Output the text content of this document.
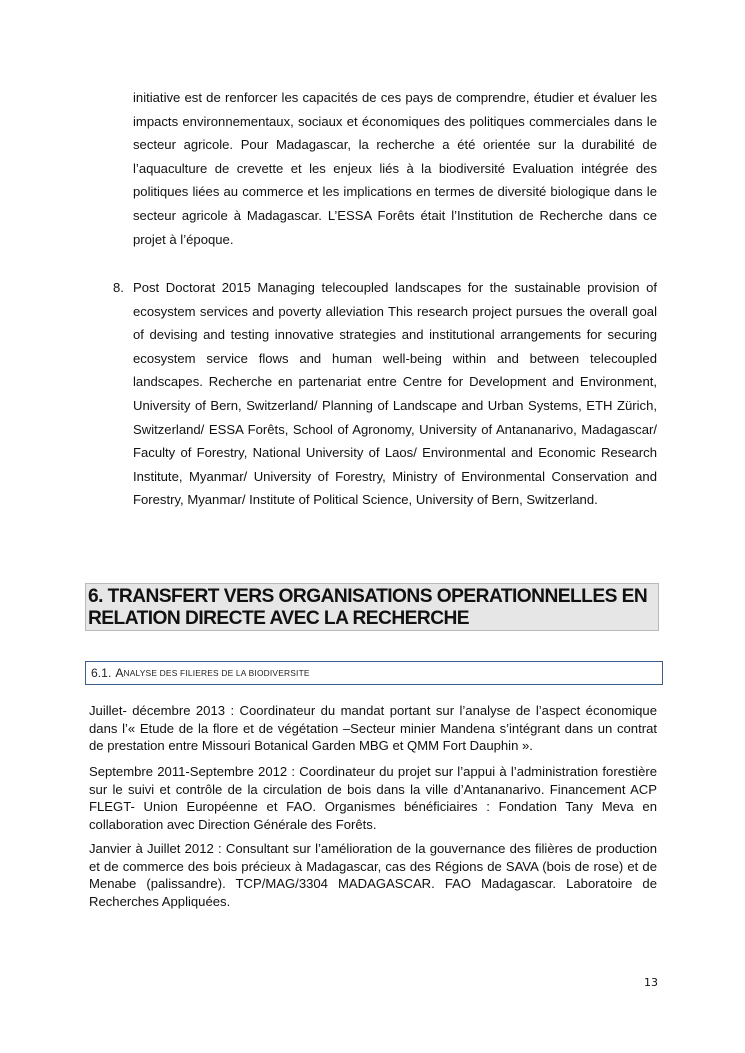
initiative est de renforcer les capacités de ces pays de comprendre, étudier et évaluer les impacts environnementaux, sociaux et économiques des politiques commerciales dans le secteur agricole. Pour Madagascar, la recherche a été orientée sur la durabilité de l’aquaculture de crevette et les enjeux liés à la biodiversité Evaluation intégrée des politiques liées au commerce et les implications en termes de diversité biologique dans le secteur agricole à Madagascar. L’ESSA Forêts était l’Institution de Recherche dans ce projet à l’époque.
8. Post Doctorat 2015 Managing telecoupled landscapes for the sustainable provision of ecosystem services and poverty alleviation This research project pursues the overall goal of devising and testing innovative strategies and institutional arrangements for securing ecosystem service flows and human well-being within and between telecoupled landscapes. Recherche en partenariat entre Centre for Development and Environment, University of Bern, Switzerland/ Planning of Landscape and Urban Systems, ETH Zürich, Switzerland/ ESSA Forêts, School of Agronomy, University of Antananarivo, Madagascar/ Faculty of Forestry, National University of Laos/ Environmental and Economic Research Institute, Myanmar/ University of Forestry, Ministry of Environmental Conservation and Forestry, Myanmar/ Institute of Political Science, University of Bern, Switzerland.
6. TRANSFERT VERS ORGANISATIONS OPERATIONNELLES EN RELATION DIRECTE AVEC LA RECHERCHE
6.1. A NALYSE
DES FILIERES DE LA BIODIVERSITE

Juillet- décembre 2013 : Coordinateur du mandat portant sur l’analyse de l’aspect économique dans l’« Etude de la flore et de végétation –Secteur minier Mandena s’intégrant dans un contrat de prestation entre Missouri Botanical Garden MBG et QMM Fort Dauphin ».

Septembre 2011-Septembre 2012 : Coordinateur du projet sur l’appui à l’administration forestière sur le suivi et contrôle de la circulation de bois dans la ville d’Antananarivo. Financement ACP FLEGT- Union Européenne et FAO. Organismes bénéficiaires : Fondation Tany Meva en collaboration avec Direction Générale des Forêts.

Janvier à Juillet 2012 : Consultant sur l’amélioration de la gouvernance des filières de production et de commerce des bois précieux à Madagascar, cas des Régions de SAVA (bois de rose) et de Menabe (palissandre). TCP/MAG/3304 MADAGASCAR. FAO Madagascar. Laboratoire de Recherches Appliquées.

13
